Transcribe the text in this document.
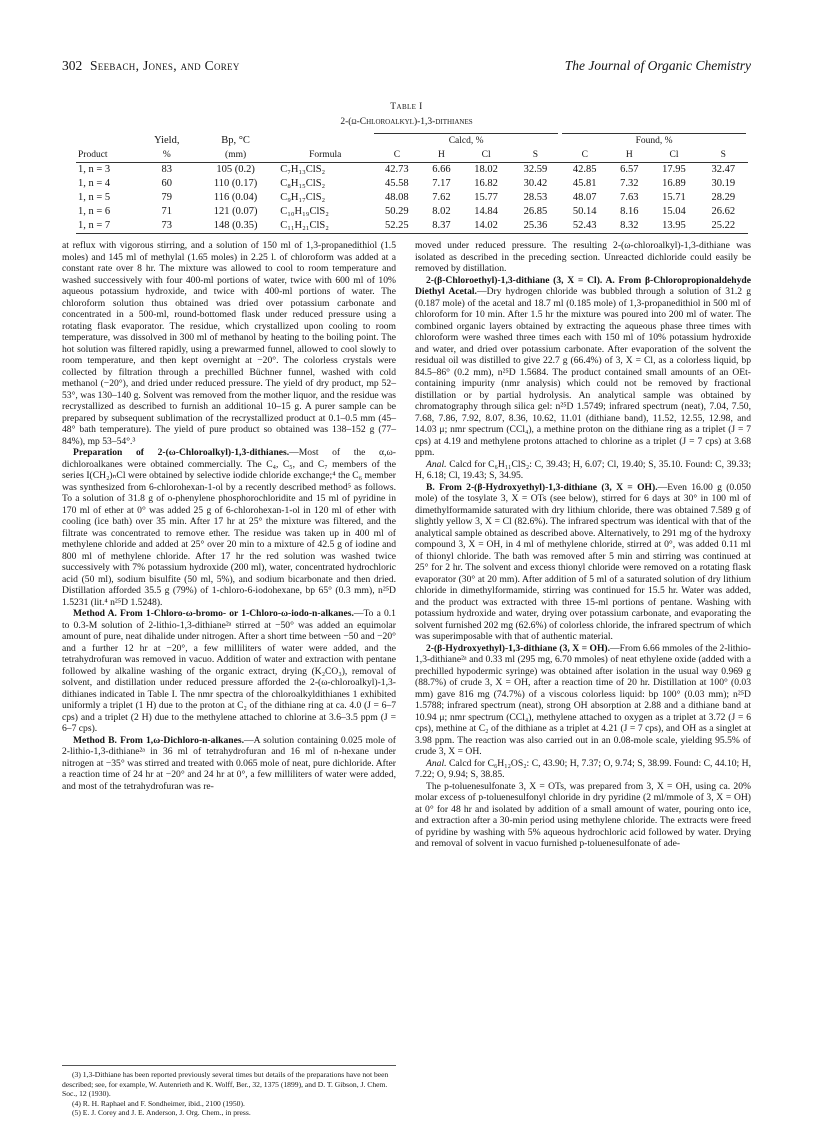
302 Seebach, Jones, and Corey	The Journal of Organic Chemistry
Table I
2-(ω-Chloroalkyl)-1,3-dithianes
	Yield,	Bp, °C		Calcd, %				Found, %			
Product	%	(mm)	Formula	C	H	Cl	S	C	H	Cl	S
1, n = 3	83	105 (0.2)	C₇H₁₃ClS₂	42.73	6.66	18.02	32.59	42.85	6.57	17.95	32.47
1, n = 4	60	110 (0.17)	C₈H₁₅ClS₂	45.58	7.17	16.82	30.42	45.81	7.32	16.89	30.19
1, n = 5	79	116 (0.04)	C₉H₁₇ClS₂	48.08	7.62	15.77	28.53	48.07	7.63	15.71	28.29
1, n = 6	71	121 (0.07)	C₁₀H₁₉ClS₂	50.29	8.02	14.84	26.85	50.14	8.16	15.04	26.62
1, n = 7	73	148 (0.35)	C₁₁H₂₁ClS₂	52.25	8.37	14.02	25.36	52.43	8.32	13.95	25.22

at reflux with vigorous stirring, and a solution of 150 ml of 1,3-propanedithiol (1.5 moles) and 145 ml of methylal (1.65 moles) in 2.25 l. of chloroform was added at a constant rate over 8 hr. The mixture was allowed to cool to room temperature and washed successively with four 400-ml portions of water, twice with 600 ml of 10% aqueous potassium hydroxide, and twice with 400-ml portions of water. The chloroform solution thus obtained was dried over potassium carbonate and concentrated in a 500-ml, round-bottomed flask under reduced pressure using a rotating flask evaporator. The residue, which crystallized upon cooling to room temperature, was dissolved in 300 ml of methanol by heating to the boiling point. The hot solution was filtered rapidly, using a prewarmed funnel, allowed to cool slowly to room temperature, and then kept overnight at −20°. The colorless crystals were collected by filtration through a prechilled Büchner funnel, washed with cold methanol (−20°), and dried under reduced pressure. The yield of dry product, mp 52–53°, was 130–140 g. Solvent was removed from the mother liquor, and the residue was recrystallized as described to furnish an additional 10–15 g. A purer sample can be prepared by subsequent sublimation of the recrystallized product at 0.1–0.5 mm (45–48° bath temperature). The yield of pure product so obtained was 138–152 g (77–84%), mp 53–54°.³

Preparation of 2-(ω-Chloroalkyl)-1,3-dithianes.—Most of the α,ω-dichloroalkanes were obtained commercially. The C₄, C₅, and C₇ members of the series I(CH₂)ₙCl were obtained by selective iodide chloride exchange;⁴ the C₆ member was synthesized from 6-chlorohexan-1-ol by a recently described method⁵ as follows. To a solution of 31.8 g of o-phenylene phosphorochloridite and 15 ml of pyridine in 170 ml of ether at 0° was added 25 g of 6-chlorohexan-1-ol in 120 ml of ether with cooling (ice bath) over 35 min. After 17 hr at 25° the mixture was filtered, and the filtrate was concentrated to remove ether. The residue was taken up in 400 ml of methylene chloride and added at 25° over 20 min to a mixture of 42.5 g of iodine and 800 ml of methylene chloride. After 17 hr the red solution was washed twice successively with 7% potassium hydroxide (200 ml), water, concentrated hydrochloric acid (50 ml), sodium bisulfite (50 ml, 5%), and sodium bicarbonate and then dried. Distillation afforded 35.5 g (79%) of 1-chloro-6-iodohexane, bp 65° (0.3 mm), n²⁵D 1.5231 (lit.⁴ n²⁵D 1.5248).

Method A. From 1-Chloro-ω-bromo- or 1-Chloro-ω-iodo-n-alkanes.—To a 0.1 to 0.3-M solution of 2-lithio-1,3-dithiane²ᵃ stirred at −50° was added an equimolar amount of pure, neat dihalide under nitrogen. After a short time between −50 and −20° and a further 12 hr at −20°, a few milliliters of water were added, and the tetrahydrofuran was removed in vacuo. Addition of water and extraction with pentane followed by alkaline washing of the organic extract, drying (K₂CO₃), removal of solvent, and distillation under reduced pressure afforded the 2-(ω-chloroalkyl)-1,3-dithianes indicated in Table I. The nmr spectra of the chloroalkyldithianes 1 exhibited uniformly a triplet (1 H) due to the proton at C₂ of the dithiane ring at ca. 4.0 (J = 6–7 cps) and a triplet (2 H) due to the methylene attached to chlorine at 3.6–3.5 ppm (J = 6–7 cps).

Method B. From 1,ω-Dichloro-n-alkanes.—A solution containing 0.025 mole of 2-lithio-1,3-dithiane²ᵃ in 36 ml of tetrahydrofuran and 16 ml of n-hexane under nitrogen at −35° was stirred and treated with 0.065 mole of neat, pure dichloride. After a reaction time of 24 hr at −20° and 24 hr at 0°, a few milliliters of water were added, and most of the tetrahydrofuran was re-

moved under reduced pressure. The resulting 2-(ω-chloroalkyl)-1,3-dithiane was isolated as described in the preceding section. Unreacted dichloride could easily be removed by distillation.

2-(β-Chloroethyl)-1,3-dithiane (3, X = Cl). A. From β-Chloropropionaldehyde Diethyl Acetal.—Dry hydrogen chloride was bubbled through a solution of 31.2 g (0.187 mole) of the acetal and 18.7 ml (0.185 mole) of 1,3-propanedithiol in 500 ml of chloroform for 10 min. After 1.5 hr the mixture was poured into 200 ml of water. The combined organic layers obtained by extracting the aqueous phase three times with chloroform were washed three times each with 150 ml of 10% potassium hydroxide and water, and dried over potassium carbonate. After evaporation of the solvent the residual oil was distilled to give 22.7 g (66.4%) of 3, X = Cl, as a colorless liquid, bp 84.5–86° (0.2 mm), n²⁵D 1.5684. The product contained small amounts of an OEt-containing impurity (nmr analysis) which could not be removed by fractional distillation or by partial hydrolysis. An analytical sample was obtained by chromatography through silica gel: n²⁵D 1.5749; infrared spectrum (neat), 7.04, 7.50, 7.68, 7.86, 7.92, 8.07, 8.36, 10.62, 11.01 (dithiane band), 11.52, 12.55, 12.98, and 14.03 μ; nmr spectrum (CCl₄), a methine proton on the dithiane ring as a triplet (J = 7 cps) at 4.19 and methylene protons attached to chlorine as a triplet (J = 7 cps) at 3.68 ppm.

Anal. Calcd for C₆H₁₁ClS₂: C, 39.43; H, 6.07; Cl, 19.40; S, 35.10. Found: C, 39.33; H, 6.18; Cl, 19.43; S, 34.95.

B. From 2-(β-Hydroxyethyl)-1,3-dithiane (3, X = OH).—Even 16.00 g (0.050 mole) of the tosylate 3, X = OTs (see below), stirred for 6 days at 30° in 100 ml of dimethylformamide saturated with dry lithium chloride, there was obtained 7.589 g of slightly yellow 3, X = Cl (82.6%). The infrared spectrum was identical with that of the analytical sample obtained as described above. Alternatively, to 291 mg of the hydroxy compound 3, X = OH, in 4 ml of methylene chloride, stirred at 0°, was added 0.11 ml of thionyl chloride. The bath was removed after 5 min and stirring was continued at 25° for 2 hr. The solvent and excess thionyl chloride were removed on a rotating flask evaporator (30° at 20 mm). After addition of 5 ml of a saturated solution of dry lithium chloride in dimethylformamide, stirring was continued for 15.5 hr. Water was added, and the product was extracted with three 15-ml portions of pentane. Washing with potassium hydroxide and water, drying over potassium carbonate, and evaporating the solvent furnished 202 mg (62.6%) of colorless chloride, the infrared spectrum of which was superimposable with that of authentic material.

2-(β-Hydroxyethyl)-1,3-dithiane (3, X = OH).—From 6.66 mmoles of the 2-lithio-1,3-dithiane²ᵃ and 0.33 ml (295 mg, 6.70 mmoles) of neat ethylene oxide (added with a prechilled hypodermic syringe) was obtained after isolation in the usual way 0.969 g (88.7%) of crude 3, X = OH, after a reaction time of 20 hr. Distillation at 100° (0.03 mm) gave 816 mg (74.7%) of a viscous colorless liquid: bp 100° (0.03 mm); n²⁵D 1.5788; infrared spectrum (neat), strong OH absorption at 2.88 and a dithiane band at 10.94 μ; nmr spectrum (CCl₄), methylene attached to oxygen as a triplet at 3.72 (J = 6 cps), methine at C₂ of the dithiane as a triplet at 4.21 (J = 7 cps), and OH as a singlet at 3.98 ppm. The reaction was also carried out in an 0.08-mole scale, yielding 95.5% of crude 3, X = OH.

Anal. Calcd for C₆H₁₂OS₂: C, 43.90; H, 7.37; O, 9.74; S, 38.99. Found: C, 44.10; H, 7.22; O, 9.94; S, 38.85.

The p-toluenesulfonate 3, X = OTs, was prepared from 3, X = OH, using ca. 20% molar excess of p-toluenesulfonyl chloride in dry pyridine (2 ml/mmole of 3, X = OH) at 0° for 48 hr and isolated by addition of a small amount of water, pouring onto ice, and extraction after a 30-min period using methylene chloride. The extracts were freed of pyridine by washing with 5% aqueous hydrochloric acid followed by water. Drying and removal of solvent in vacuo furnished p-toluenesulfonate of ade-

(3) 1,3-Dithiane has been reported previously several times but details of the preparations have not been described; see, for example, W. Autenrieth and K. Wolff, Ber., 32, 1375 (1899), and D. T. Gibson, J. Chem. Soc., 12 (1930).

(4) R. H. Raphael and F. Sondheimer, ibid., 2100 (1950).

(5) E. J. Corey and J. E. Anderson, J. Org. Chem., in press.
